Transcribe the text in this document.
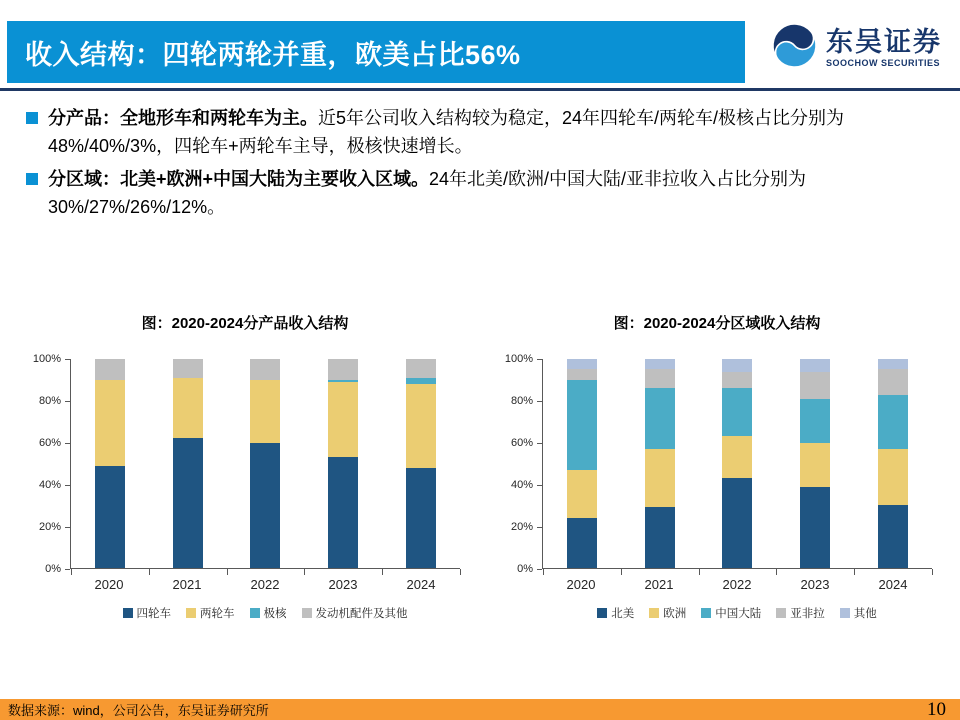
收入结构：四轮两轮并重，欧美占比56%	东吴证券
SOOCHOW SECURITIES

分产品：全地形车和两轮车为主。近5年公司收入结构较为稳定，24年四轮车/两轮车/极核占比分别为48%/40%/3%，四轮车+两轮车主导，极核快速增长。

分区域：北美+欧洲+中国大陆为主要收入区域。24年北美/欧洲/中国大陆/亚非拉收入占比分别为30%/27%/26%/12%。

图：2020-2024分产品收入结构
0%
20%
40%
60%
80%
100%
2020	2021	2022	2023	2024
四轮车	两轮车	极核	发动机配件及其他
图：2020-2024分区域收入结构
0%
20%
40%
60%
80%
100%
2020	2021	2022	2023	2024
北美	欧洲	中国大陆	亚非拉	其他
数据来源：wind，公司公告，东吴证券研究所	10
